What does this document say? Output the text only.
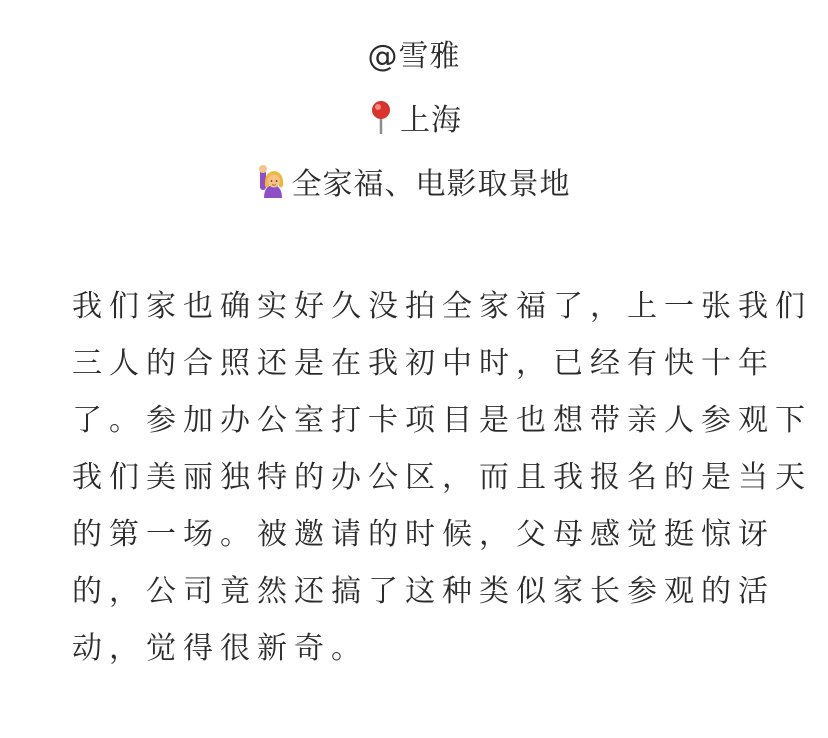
@雪雅
上海
全家福、电影取景地
我们家也确实好久没拍全家福了，上一张我们
三人的合照还是在我初中时，已经有快十年
了。参加办公室打卡项目是也想带亲人参观下
我们美丽独特的办公区，而且我报名的是当天
的第一场。被邀请的时候，父母感觉挺惊讶
的，公司竟然还搞了这种类似家长参观的活
动，觉得很新奇。
